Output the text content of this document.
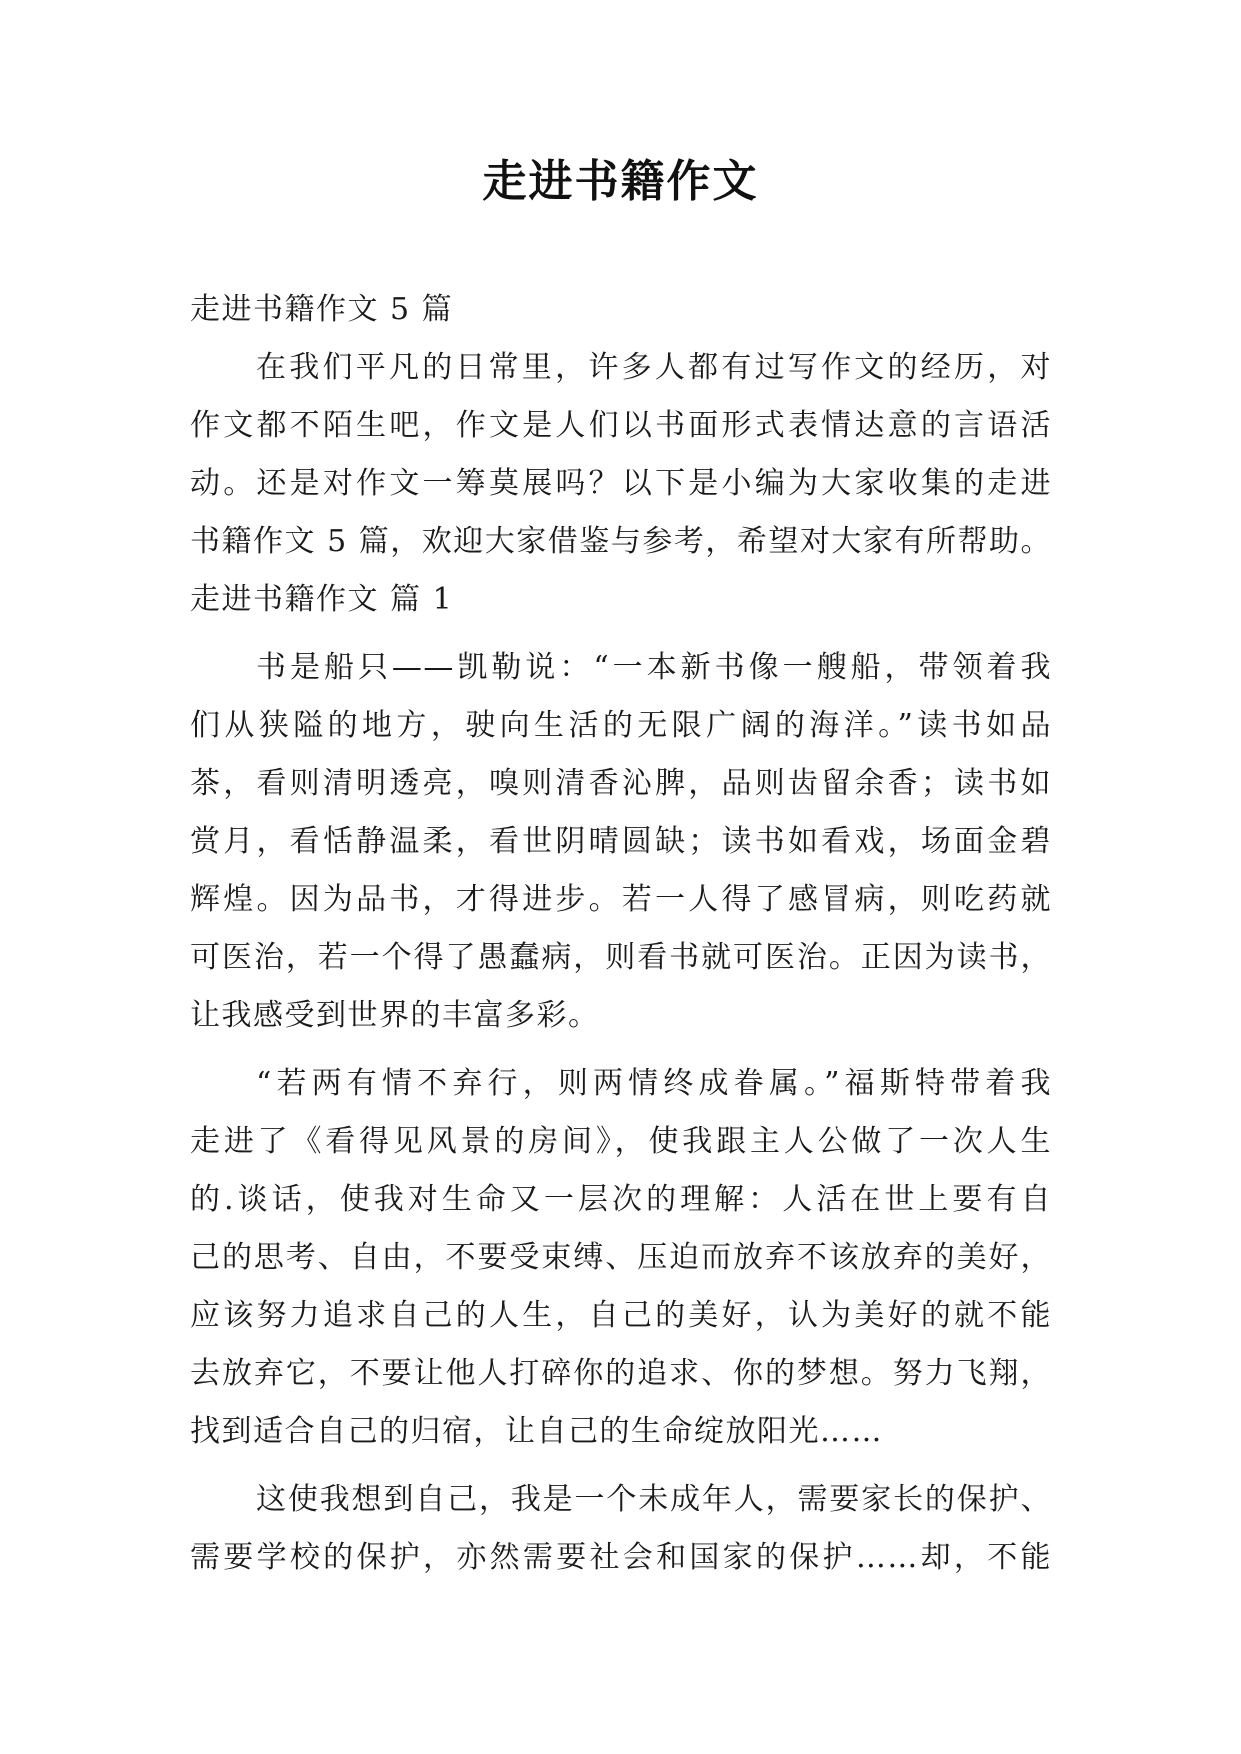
走进书籍作文
走进书籍作文 5 篇
在我们平凡的日常里，许多人都有过写作文的经历，对
作文都不陌生吧，作文是人们以书面形式表情达意的言语活
动。还是对作文一筹莫展吗？以下是小编为大家收集的走进
书籍作文 5 篇，欢迎大家借鉴与参考，希望对大家有所帮助。
走进书籍作文 篇 1
书是船只——凯勒说：“一本新书像一艘船，带领着我
们从狭隘的地方，驶向生活的无限广阔的海洋。”读书如品
茶，看则清明透亮，嗅则清香沁脾，品则齿留余香；读书如
赏月，看恬静温柔，看世阴晴圆缺；读书如看戏，场面金碧
辉煌。因为品书，才得进步。若一人得了感冒病，则吃药就
可医治，若一个得了愚蠢病，则看书就可医治。正因为读书，
让我感受到世界的丰富多彩。
“若两有情不弃行，则两情终成眷属。”福斯特带着我
走进了《看得见风景的房间》，使我跟主人公做了一次人生
的.谈话，使我对生命又一层次的理解：人活在世上要有自
己的思考、自由，不要受束缚、压迫而放弃不该放弃的美好，
应该努力追求自己的人生，自己的美好，认为美好的就不能
去放弃它，不要让他人打碎你的追求、你的梦想。努力飞翔，
找到适合自己的归宿，让自己的生命绽放阳光……
这使我想到自己，我是一个未成年人，需要家长的保护、
需要学校的保护，亦然需要社会和国家的保护……却，不能
